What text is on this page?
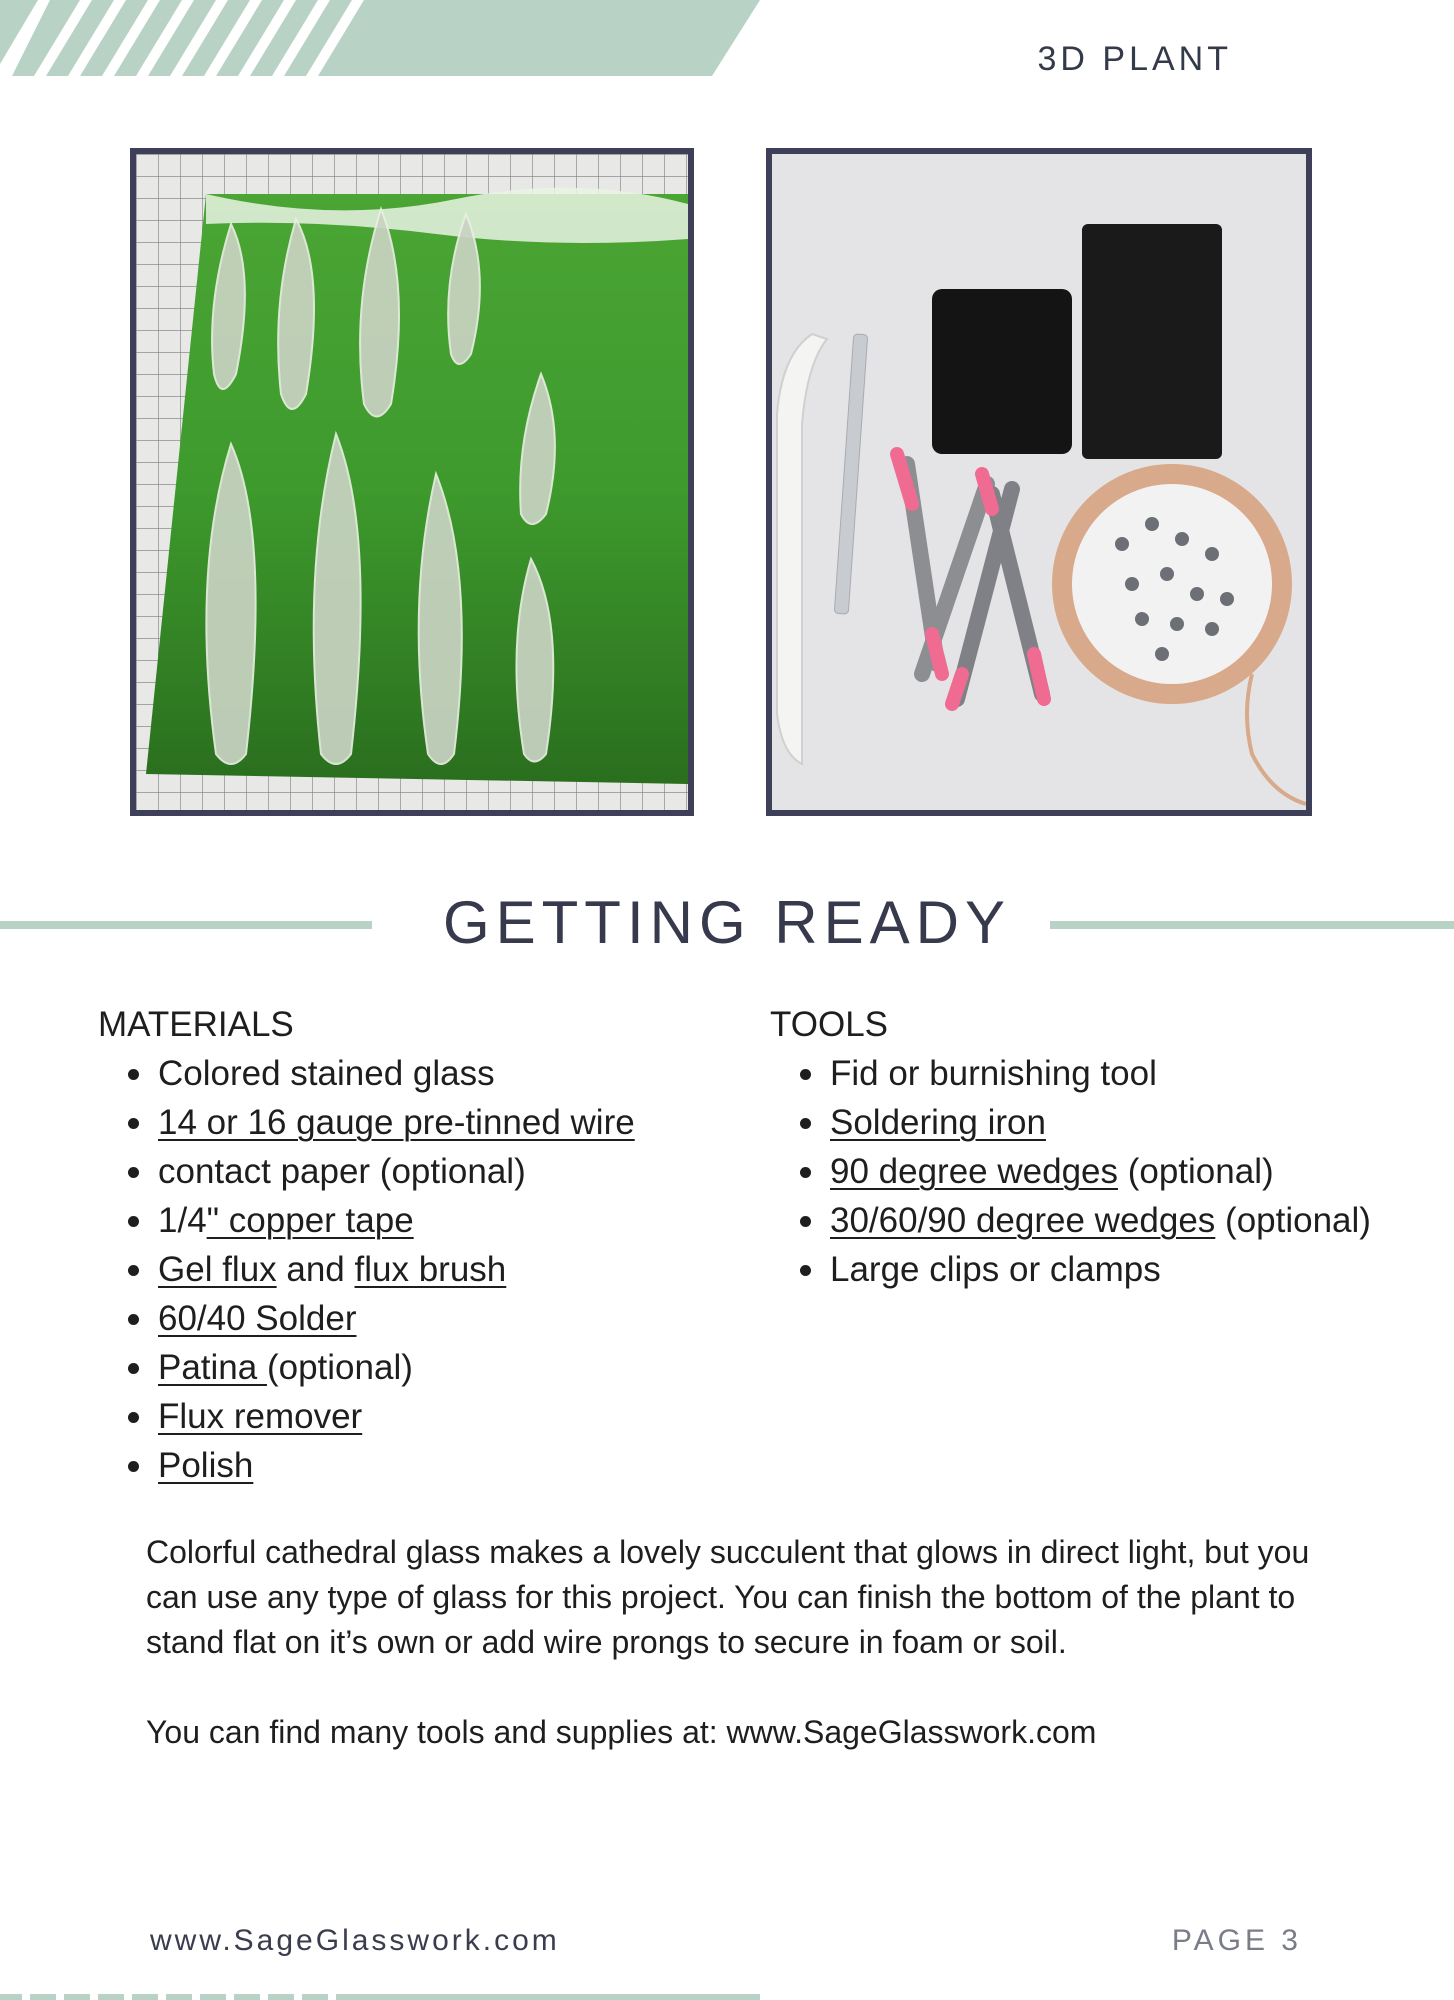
3D PLANT
GETTING READY
MATERIALS
Colored stained glass
14 or 16 gauge pre-tinned wire
contact paper (optional)
1/4" copper tape
Gel flux and flux brush
60/40 Solder
Patina (optional)
Flux remover
Polish
TOOLS
Fid or burnishing tool
Soldering iron
90 degree wedges (optional)
30/60/90 degree wedges (optional)
Large clips or clamps

Colorful cathedral glass makes a lovely succulent that glows in direct light, but you can use any type of glass for this project. You can finish the bottom of the plant to stand flat on it’s own or add wire prongs to secure in foam or soil.

You can find many tools and supplies at: www.SageGlasswork.com

www.SageGlasswork.com	PAGE 3
